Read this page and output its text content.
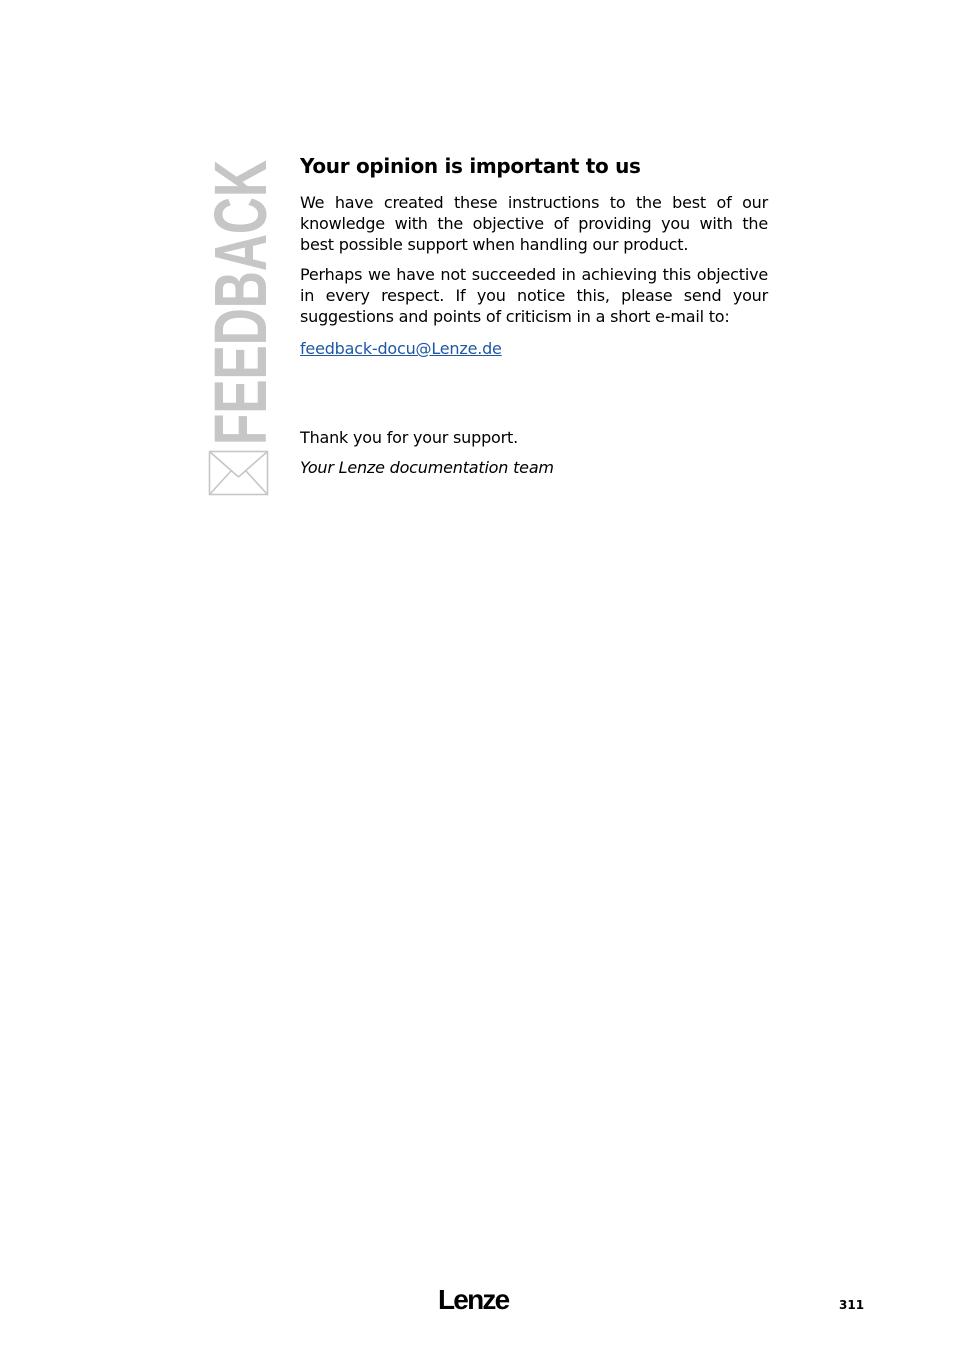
FEEDBACK Your opinion is important to us

We have created these instructions to the best of our knowledge with the objective of providing you with the best possible support when handling our product.

Perhaps we have not succeeded in achieving this objective in every respect. If you notice this, please send your suggestions and points of criticism in a short e-mail to:

feedback-docu@Lenze.de
Thank you for your support.
Your Lenze documentation team
Lenze	311
